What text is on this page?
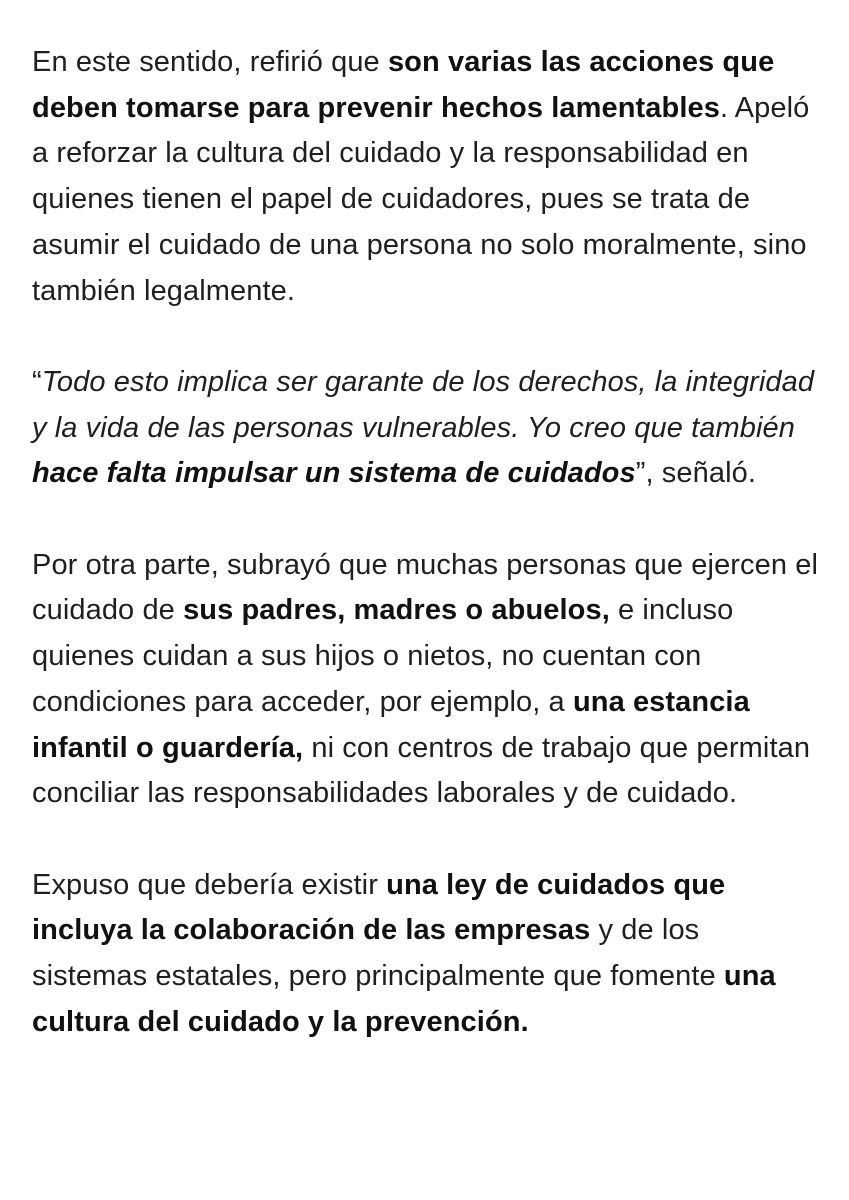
En este sentido, refirió que son varias las acciones que deben tomarse para prevenir hechos lamentables. Apeló a reforzar la cultura del cuidado y la responsabilidad en quienes tienen el papel de cuidadores, pues se trata de asumir el cuidado de una persona no solo moralmente, sino también legalmente.

“Todo esto implica ser garante de los derechos, la integridad y la vida de las personas vulnerables. Yo creo que también hace falta impulsar un sistema de cuidados”, señaló.

Por otra parte, subrayó que muchas personas que ejercen el cuidado de sus padres, madres o abuelos, e incluso quienes cuidan a sus hijos o nietos, no cuentan con condiciones para acceder, por ejemplo, a una estancia infantil o guardería, ni con centros de trabajo que permitan conciliar las responsabilidades laborales y de cuidado.

Expuso que debería existir una ley de cuidados que incluya la colaboración de las empresas y de los sistemas estatales, pero principalmente que fomente una cultura del cuidado y la prevención.
